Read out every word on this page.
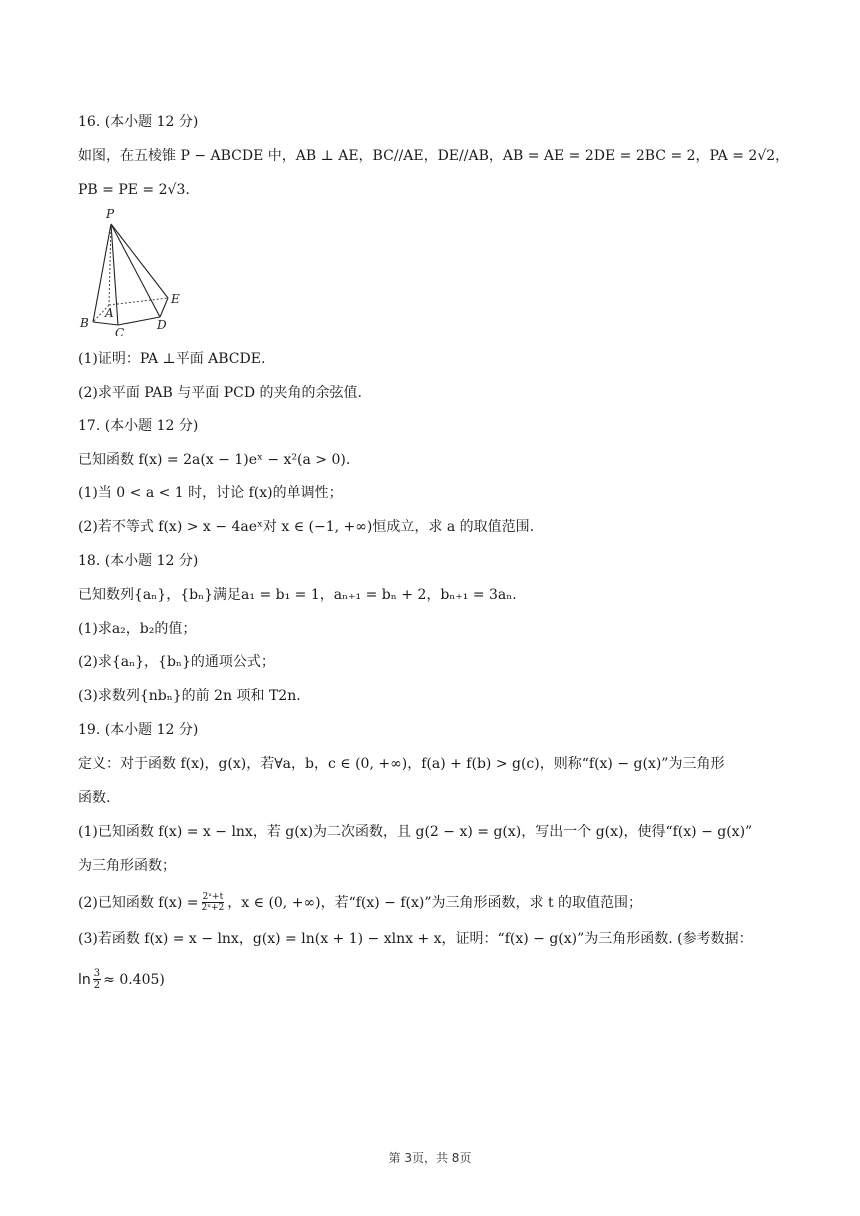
16. (本小题 12 分)
如图，在五棱锥 P − ABCDE 中，AB ⊥ AE，BC//AE，DE//AB，AB = AE = 2DE = 2BC = 2，PA = 2√2，
PB = PE = 2√3.
P
A
B
C
D
E
(1)证明：PA ⊥平面 ABCDE.
(2)求平面 PAB 与平面 PCD 的夹角的余弦值.
17. (本小题 12 分)
已知函数 f(x) = 2a(x − 1)eˣ − x²(a > 0).
(1)当 0 < a < 1 时，讨论 f(x)的单调性；
(2)若不等式 f(x) > x − 4aeˣ对 x ∈ (−1, +∞)恒成立，求 a 的取值范围.
18. (本小题 12 分)
已知数列{aₙ}，{bₙ}满足a₁ = b₁ = 1，aₙ₊₁ = bₙ + 2，bₙ₊₁ = 3aₙ.
(1)求a₂，b₂的值；
(2)求{aₙ}，{bₙ}的通项公式；
(3)求数列{nbₙ}的前 2n 项和 T2n.
19. (本小题 12 分)
定义：对于函数 f(x)，g(x)，若∀a，b，c ∈ (0, +∞)，f(a) + f(b) > g(c)，则称“f(x) − g(x)”为三角形
函数.
(1)已知函数 f(x) = x − lnx，若 g(x)为二次函数，且 g(2 − x) = g(x)，写出一个 g(x)，使得“f(x) − g(x)”
为三角形函数；
(2)已知函数 $f(x) = \frac{\text{2ˣ+t}}{\text{2ˣ+2}}$ ，x ∈ (0, +∞)，若“f(x) − f(x)”为三角形函数，求 t 的取值范围；
(3)若函数 f(x) = x − lnx，g(x) = ln(x + 1) − xlnx + x，证明：“f(x) − g(x)”为三角形函数. (参考数据：
$\ln \frac{3}{2} \approx 0.405$)
第 3页，共 8页
